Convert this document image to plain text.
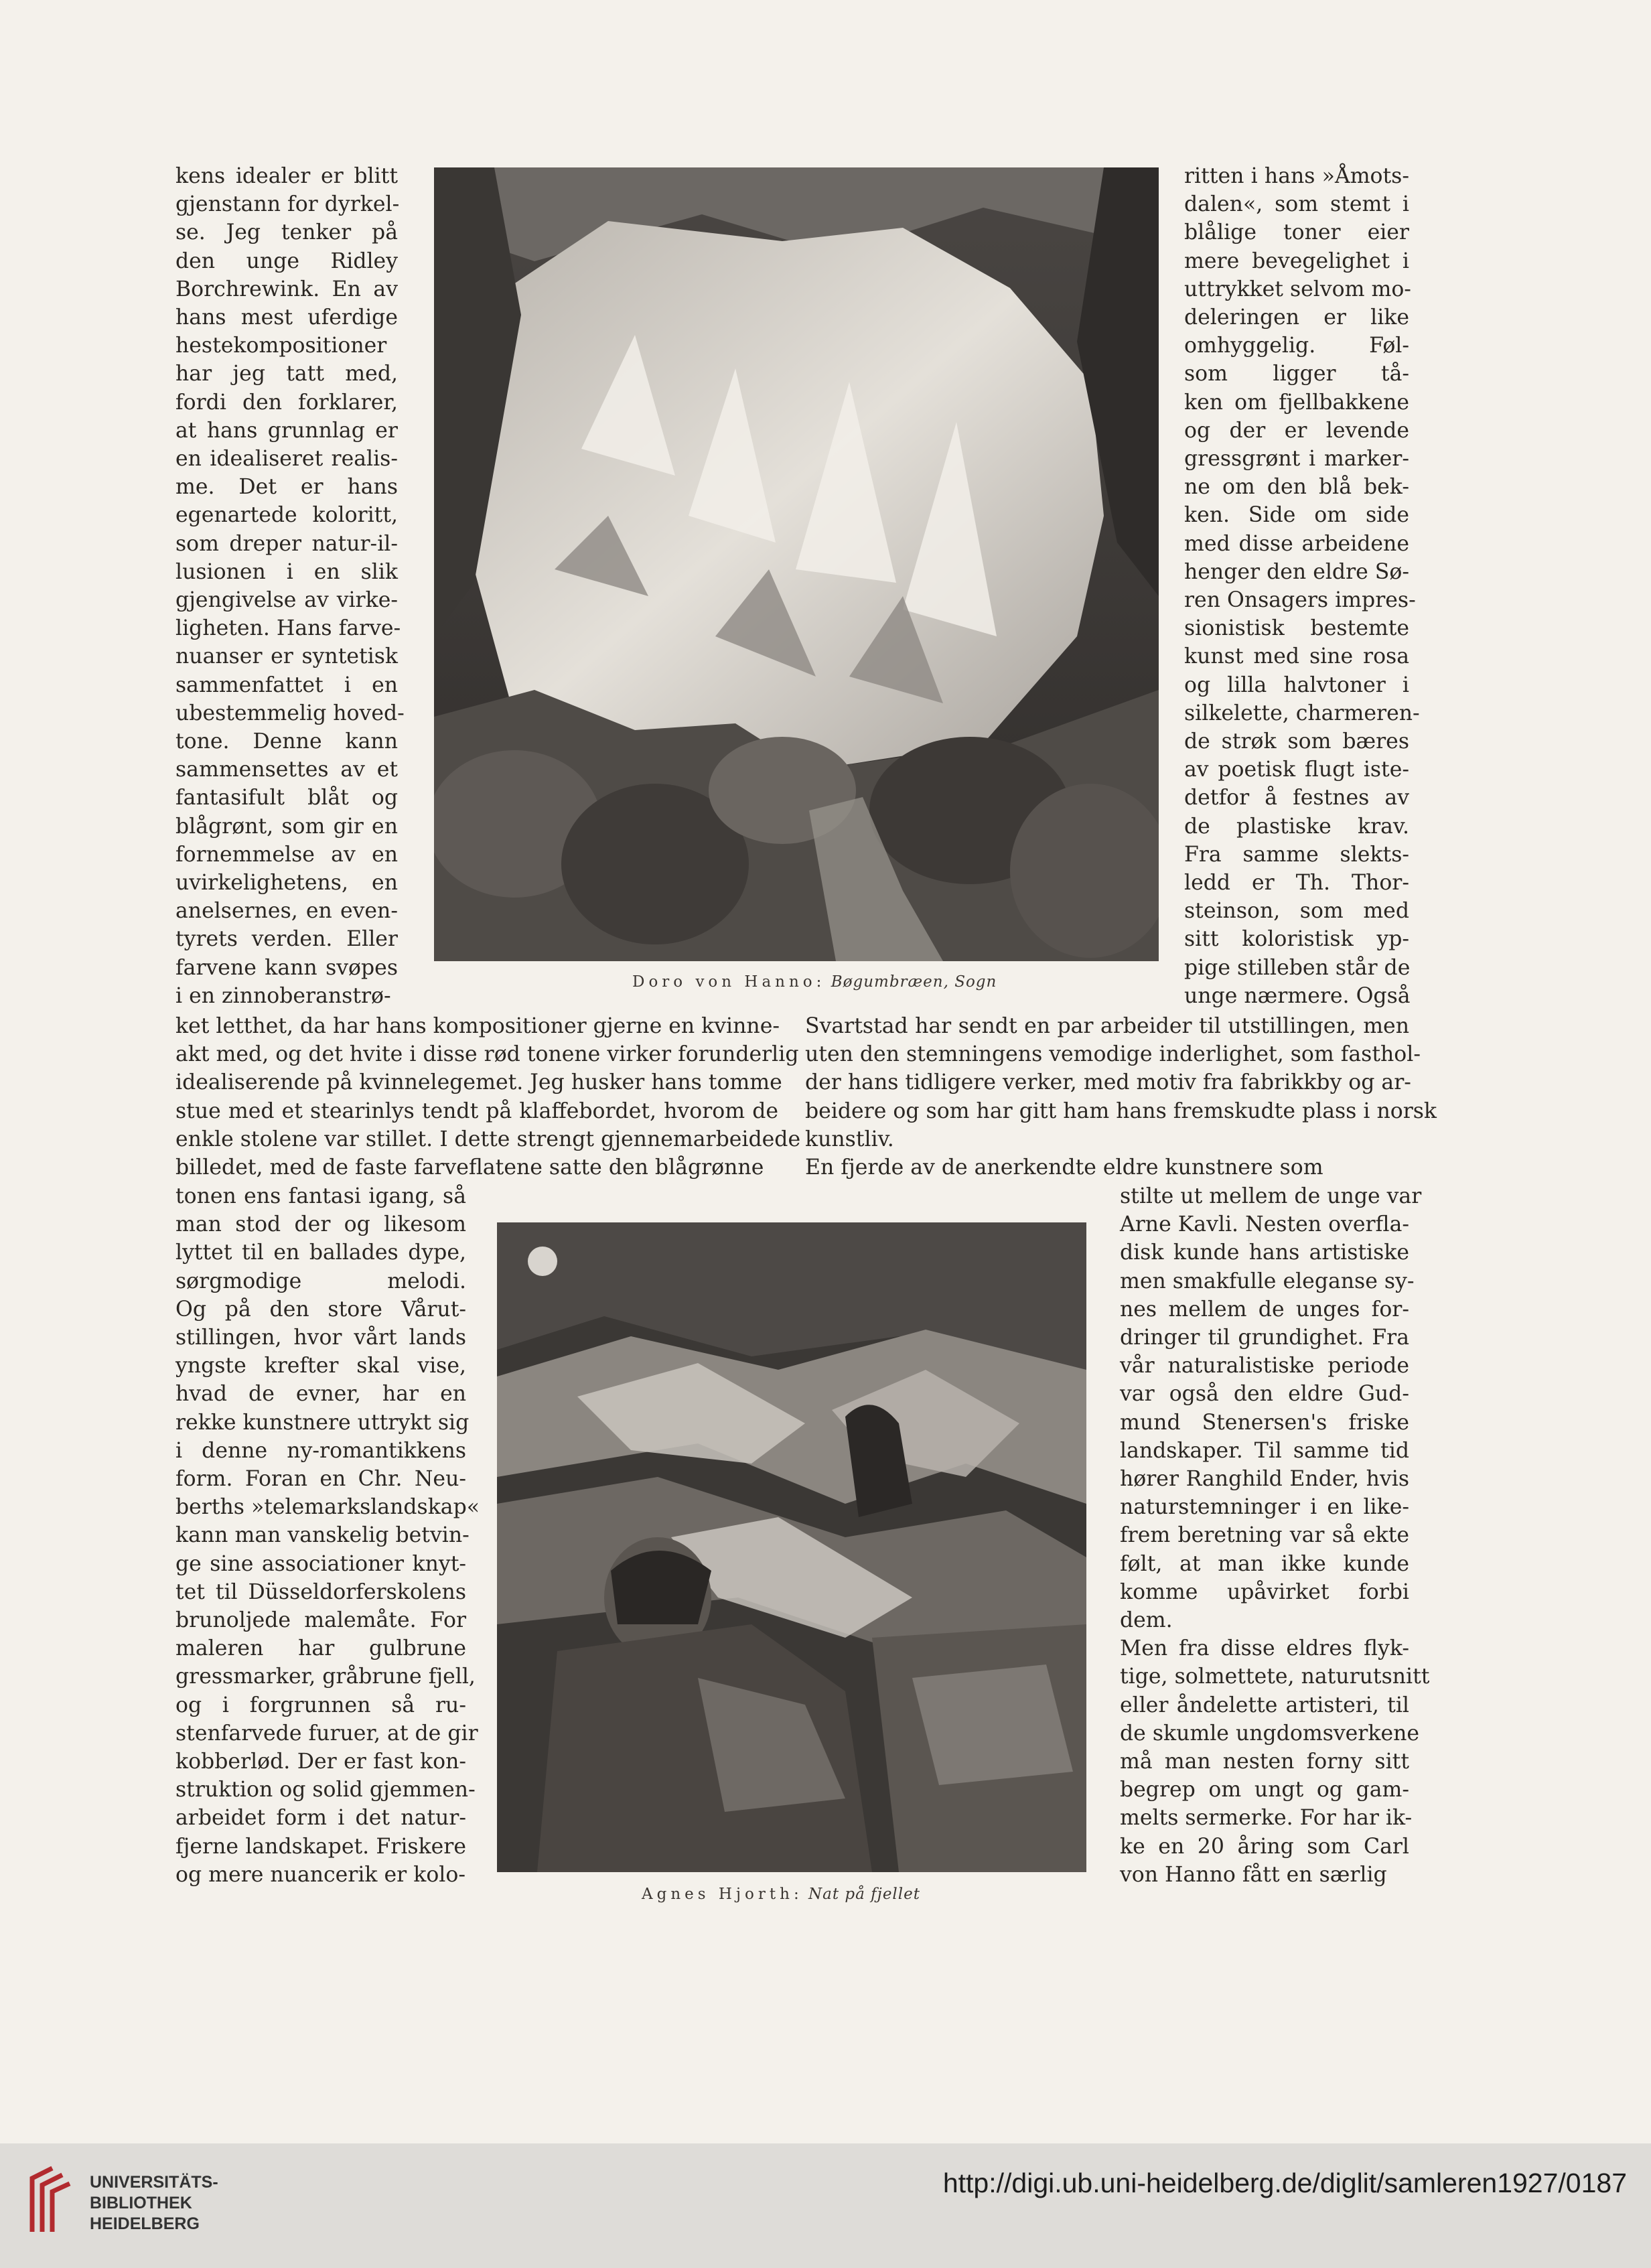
kens idealer er blitt
gjenstann for dyrkel-
se. Jeg tenker på
den unge Ridley
Borchrewink. En av
hans mest uferdige
hestekompositioner
har jeg tatt med,
fordi den forklarer,
at hans grunnlag er
en idealiseret realis-
me. Det er hans
egenartede koloritt,
som dreper natur-il-
lusionen i en slik
gjengivelse av virke-
ligheten. Hans farve-
nuanser er syntetisk
sammenfattet i en
ubestemmelig hoved-
tone. Denne kann
sammensettes av et
fantasifult blåt og
blågrønt, som gir en
fornemmelse av en
uvirkelighetens, en
anelsernes, en even-
tyrets verden. Eller
farvene kann svøpes
i en zinnoberanstrø-
Doro von Hanno: Bøgumbræen, Sogn
ritten i hans »Åmots-
dalen«, som stemt i
blålige toner eier
mere bevegelighet i
uttrykket selvom mo-
deleringen er like
omhyggelig. Føl-
som ligger tå-
ken om fjellbakkene
og der er levende
gressgrønt i marker-
ne om den blå bek-
ken. Side om side
med disse arbeidene
henger den eldre Sø-
ren Onsagers impres-
sionistisk bestemte
kunst med sine rosa
og lilla halvtoner i
silkelette, charmeren-
de strøk som bæres
av poetisk flugt iste-
detfor å festnes av
de plastiske krav.
Fra samme slekts-
ledd er Th. Thor-
steinson, som med
sitt koloristisk yp-
pige stilleben står de
unge nærmere. Også
ket letthet, da har hans kompositioner gjerne en kvinne-
akt med, og det hvite i disse rød tonene virker forunderlig
idealiserende på kvinnelegemet. Jeg husker hans tomme
stue med et stearinlys tendt på klaffebordet, hvorom de
enkle stolene var stillet. I dette strengt gjennemarbeidede
billedet, med de faste farveflatene satte den blågrønne
Svartstad har sendt en par arbeider til utstillingen, men
uten den stemningens vemodige inderlighet, som fasthol-
der hans tidligere verker, med motiv fra fabrikkby og ar-
beidere og som har gitt ham hans fremskudte plass i norsk
kunstliv.
En fjerde av de anerkendte eldre kunstnere som
tonen ens fantasi igang, så
man stod der og likesom
lyttet til en ballades dype,
sørgmodige melodi.
Og på den store Vårut-
stillingen, hvor vårt lands
yngste krefter skal vise,
hvad de evner, har en
rekke kunstnere uttrykt sig
i denne ny-romantikkens
form. Foran en Chr. Neu-
berths »telemarkslandskap«
kann man vanskelig betvin-
ge sine associationer knyt-
tet til Düsseldorferskolens
brunoljede malemåte. For
maleren har gulbrune
gressmarker, gråbrune fjell,
og i forgrunnen så ru-
stenfarvede furuer, at de gir
kobberlød. Der er fast kon-
struktion og solid gjemmen-
arbeidet form i det natur-
fjerne landskapet. Friskere
og mere nuancerik er kolo-
Agnes Hjorth: Nat på fjellet
stilte ut mellem de unge var
Arne Kavli. Nesten overfla-
disk kunde hans artistiske
men smakfulle eleganse sy-
nes mellem de unges for-
dringer til grundighet. Fra
vår naturalistiske periode
var også den eldre Gud-
mund Stenersen's friske
landskaper. Til samme tid
hører Ranghild Ender, hvis
naturstemninger i en like-
frem beretning var så ekte
følt, at man ikke kunde
komme upåvirket forbi
dem.
Men fra disse eldres flyk-
tige, solmettete, naturutsnitt
eller åndelette artisteri, til
de skumle ungdomsverkene
må man nesten forny sitt
begrep om ungt og gam-
melts sermerke. For har ik-
ke en 20 åring som Carl
von Hanno fått en særlig
UNIVERSITÄTS-
BIBLIOTHEK
HEIDELBERG
http://digi.ub.uni-heidelberg.de/diglit/samleren1927/0187
